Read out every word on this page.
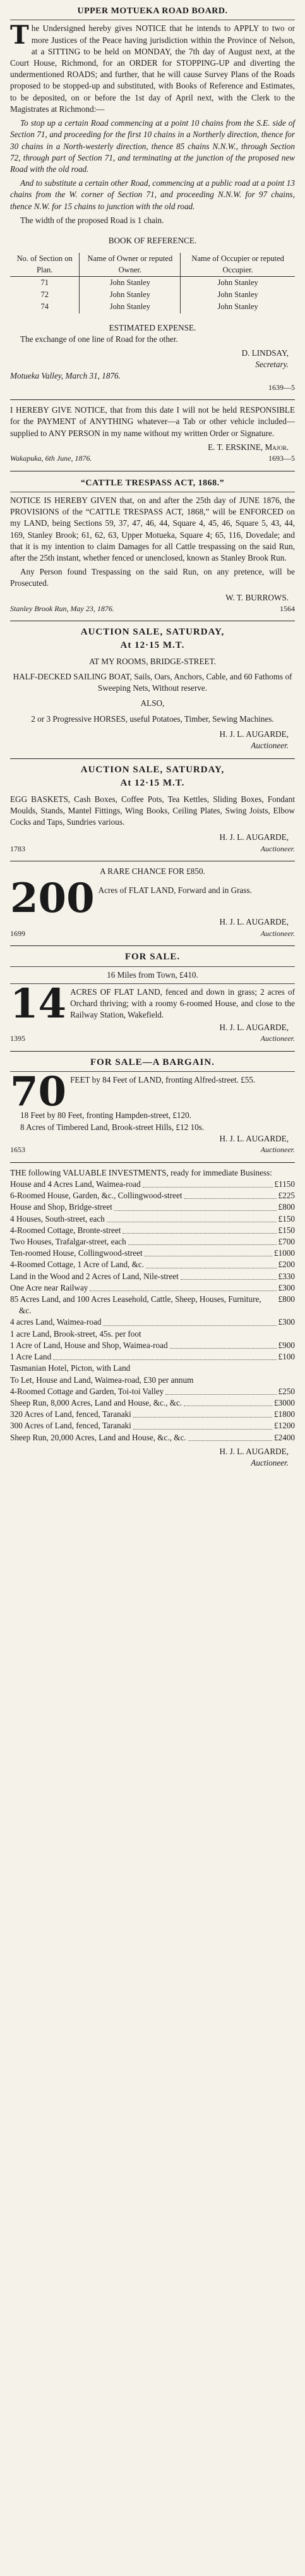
UPPER MOTUEKA ROAD BOARD.

The Undersigned hereby gives NOTICE that he intends to APPLY to two or more Justices of the Peace having jurisdiction within the Province of Nelson, at a SITTING to be held on MONDAY, the 7th day of August next, at the Court House, Richmond, for an ORDER for STOPPING-UP and diverting the undermentioned ROADS; and further, that he will cause Survey Plans of the Roads proposed to be stopped-up and substituted, with Books of Reference and Estimates, to be deposited, on or before the 1st day of April next, with the Clerk to the Magistrates at Richmond:—

To stop up a certain Road commencing at a point 10 chains from the S.E. side of Section 71, and proceeding for the first 10 chains in a Northerly direction, thence for 30 chains in a North-westerly direction, thence 85 chains N.N.W., through Section 72, through part of Section 71, and terminating at the junction of the proposed new Road with the old road.

And to substitute a certain other Road, commencing at a public road at a point 13 chains from the W. corner of Section 71, and proceeding N.N.W. for 97 chains, thence N.W. for 15 chains to junction with the old road.

The width of the proposed Road is 1 chain.

BOOK OF REFERENCE.
No. of Section on Plan.	Name of Owner or reputed Owner.	Name of Occupier or reputed Occupier.
71	John Stanley	John Stanley
72	John Stanley	John Stanley
74	John Stanley	John Stanley
ESTIMATED EXPENSE.

The exchange of one line of Road for the other.

D. LINDSAY,

Secretary.

Motueka Valley, March 31, 1876.

1639—5

I HEREBY GIVE NOTICE, that from this date I will not be held RESPONSIBLE for the PAYMENT of ANYTHING whatever—a Tab or other vehicle included—supplied to ANY PERSON in my name without my written Order or Signature.

E. T. ERSKINE, Major.

Wakapuka, 6th June, 1876.	1693—5
“CATTLE TRESPASS ACT, 1868.”

NOTICE IS HEREBY GIVEN that, on and after the 25th day of JUNE 1876, the PROVISIONS of the “CATTLE TRESPASS ACT, 1868,” will be ENFORCED on my LAND, being Sections 59, 37, 47, 46, 44, Square 4, 45, 46, Square 5, 43, 44, 169, Stanley Brook; 61, 62, 63, Upper Motueka, Square 4; 65, 116, Dovedale; and that it is my intention to claim Damages for all Cattle trespassing on the said Run, after the 25th instant, whether fenced or unenclosed, known as Stanley Brook Run.

Any Person found Trespassing on the said Run, on any pretence, will be Prosecuted.

W. T. BURROWS.

Stanley Brook Run, May 23, 1876.	1564
AUCTION SALE, SATURDAY,
At 12·15 M.T.
AT MY ROOMS, BRIDGE-STREET.

HALF-DECKED SAILING BOAT, Sails, Oars, Anchors, Cable, and 60 Fathoms of Sweeping Nets, Without reserve.

ALSO,

2 or 3 Progressive HORSES, useful Potatoes, Timber, Sewing Machines.

H. J. L. AUGARDE,

Auctioneer.

AUCTION SALE, SATURDAY,
At 12·15 M.T.

EGG BASKETS, Cash Boxes, Coffee Pots, Tea Kettles, Sliding Boxes, Fondant Moulds, Stands, Mantel Fittings, Wing Books, Ceiling Plates, Swing Joists, Elbow Cocks and Taps, Sundries various.

H. J. L. AUGARDE,

1783	Auctioneer.
A RARE CHANCE FOR £850.
200 Acres of FLAT LAND, Forward and in Grass.

H. J. L. AUGARDE,

1699	Auctioneer.
FOR SALE.
16 Miles from Town, £410.
14 ACRES OF FLAT LAND, fenced and down in grass; 2 acres of Orchard thriving; with a roomy 6-roomed House, and close to the Railway Station, Wakefield.

H. J. L. AUGARDE,

1395	Auctioneer.
FOR SALE—A BARGAIN.
70 FEET by 84 Feet of LAND, fronting Alfred-street. £55.

18 Feet by 80 Feet, fronting Hampden-street, £120.

8 Acres of Timbered Land, Brook-street Hills, £12 10s.

H. J. L. AUGARDE,

1653	Auctioneer.

THE following VALUABLE INVESTMENTS, ready for immediate Business:

House and 4 Acres Land, Waimea-road	£1150
6-Roomed House, Garden, &c., Collingwood-street	£225
House and Shop, Bridge-street	£800
4 Houses, South-street, each	£150
4-Roomed Cottage, Bronte-street	£150
Two Houses, Trafalgar-street, each	£700
Ten-roomed House, Collingwood-street	£1000
4-Roomed Cottage, 1 Acre of Land, &c.	£200
Land in the Wood and 2 Acres of Land, Nile-street	£330
One Acre near Railway	£300
85 Acres Land, and 100 Acres Leasehold, Cattle, Sheep, Houses, Furniture, &c.
£800
4 acres Land, Waimea-road	£300
1 acre Land, Brook-street, 45s. per foot
1 Acre of Land, House and Shop, Waimea-road	£900
1 Acre Land	£100
Tasmanian Hotel, Picton, with Land
To Let, House and Land, Waimea-road, £30 per annum
4-Roomed Cottage and Garden, Toi-toi Valley	£250
Sheep Run, 8,000 Acres, Land and House, &c., &c.	£3000
320 Acres of Land, fenced, Taranaki	£1800
300 Acres of Land, fenced, Taranaki	£1200
Sheep Run, 20,000 Acres, Land and House, &c., &c.	£2400

H. J. L. AUGARDE,

Auctioneer.
